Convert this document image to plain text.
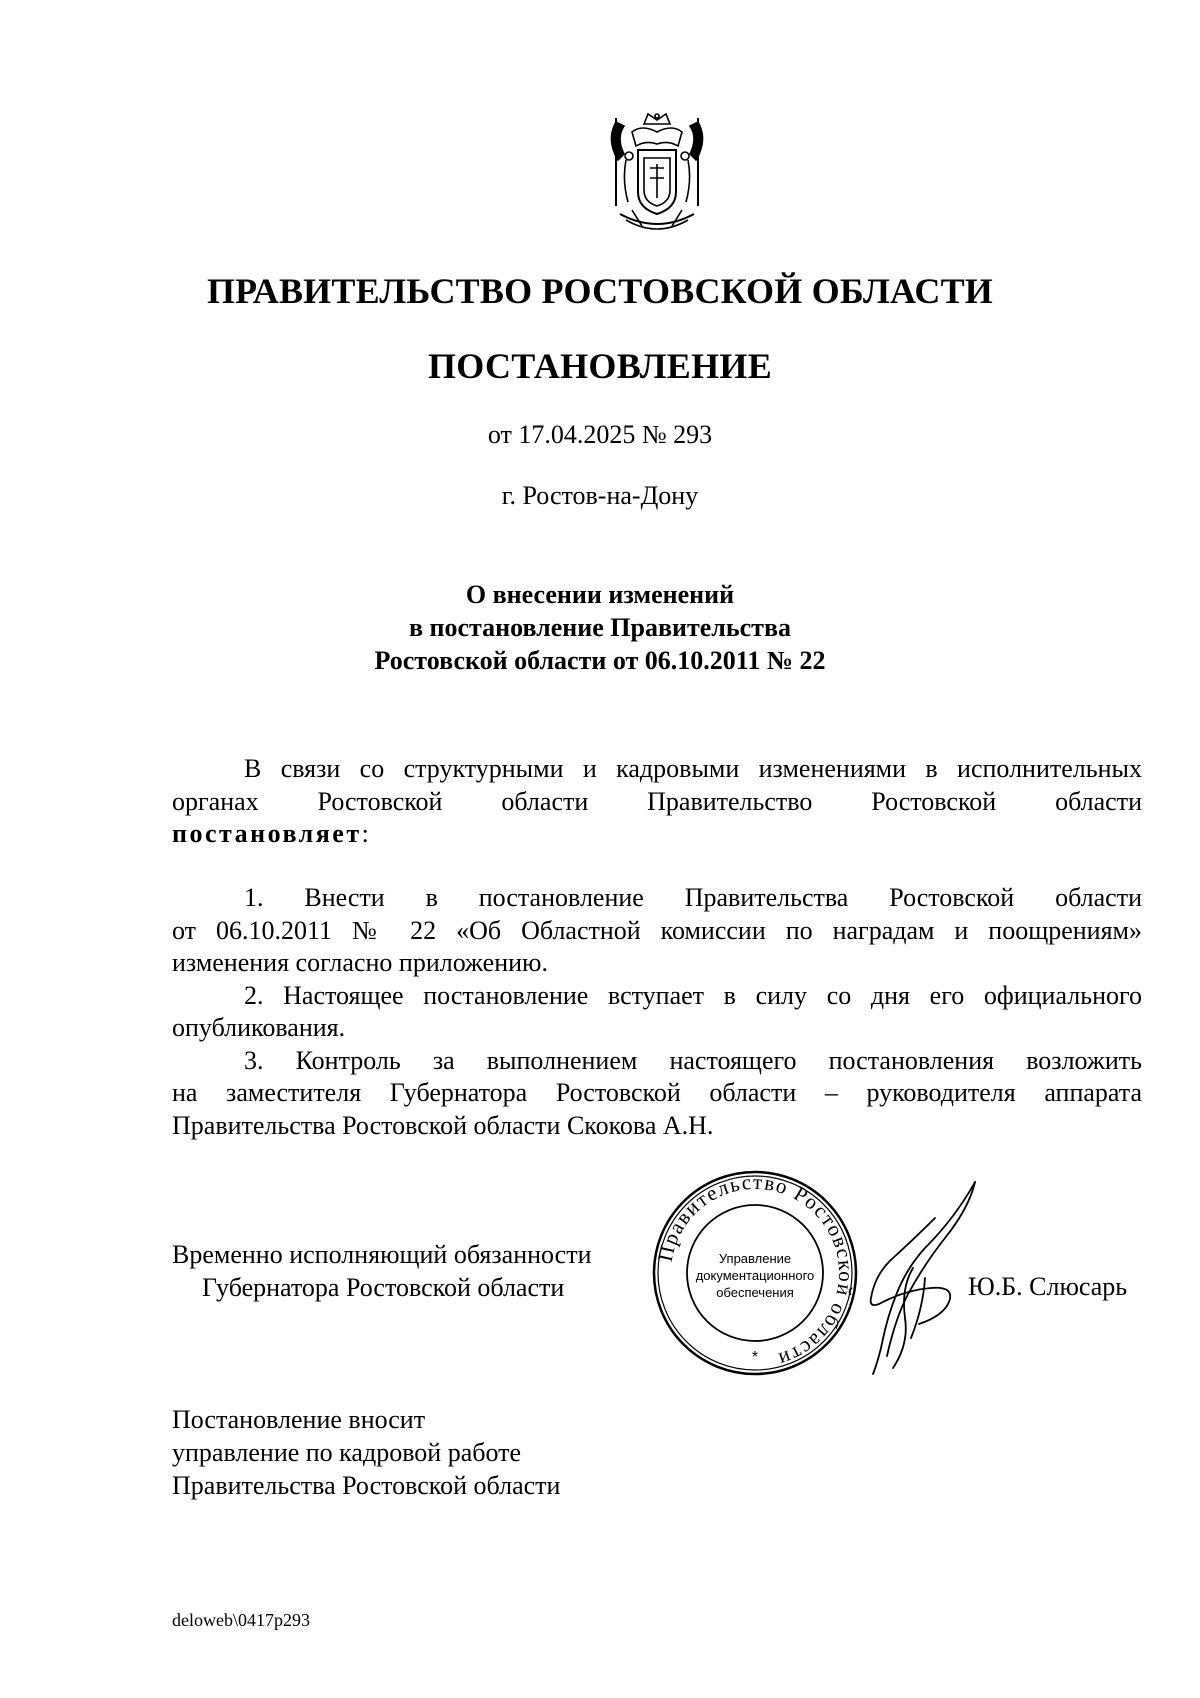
ПРАВИТЕЛЬСТВО РОСТОВСКОЙ ОБЛАСТИ
ПОСТАНОВЛЕНИЕ
от 17.04.2025 № 293
г. Ростов-на-Дону
О внесении изменений
в постановление Правительства
Ростовской области от 06.10.2011 № 22

В связи со структурными и кадровыми изменениями в исполнительных
органах Ростовской области Правительство Ростовской области
постановляет:

1. Внести в постановление Правительства Ростовской области
от 06.10.2011 № 22 «Об Областной комиссии по наградам и поощрениям»
изменения согласно приложению.

2. Настоящее постановление вступает в силу со дня его официального
опубликования.

3. Контроль за выполнением настоящего постановления возложить
на заместителя Губернатора Ростовской области – руководителя аппарата
Правительства Ростовской области Скокова А.Н.

Временно исполняющий обязанности
Губернатора Ростовской области
Правительство Ростовской области
Управление
документационного
обеспечения
*
Ю.Б. Слюсарь
Постановление вносит
управление по кадровой работе
Правительства Ростовской области
deloweb\0417p293
